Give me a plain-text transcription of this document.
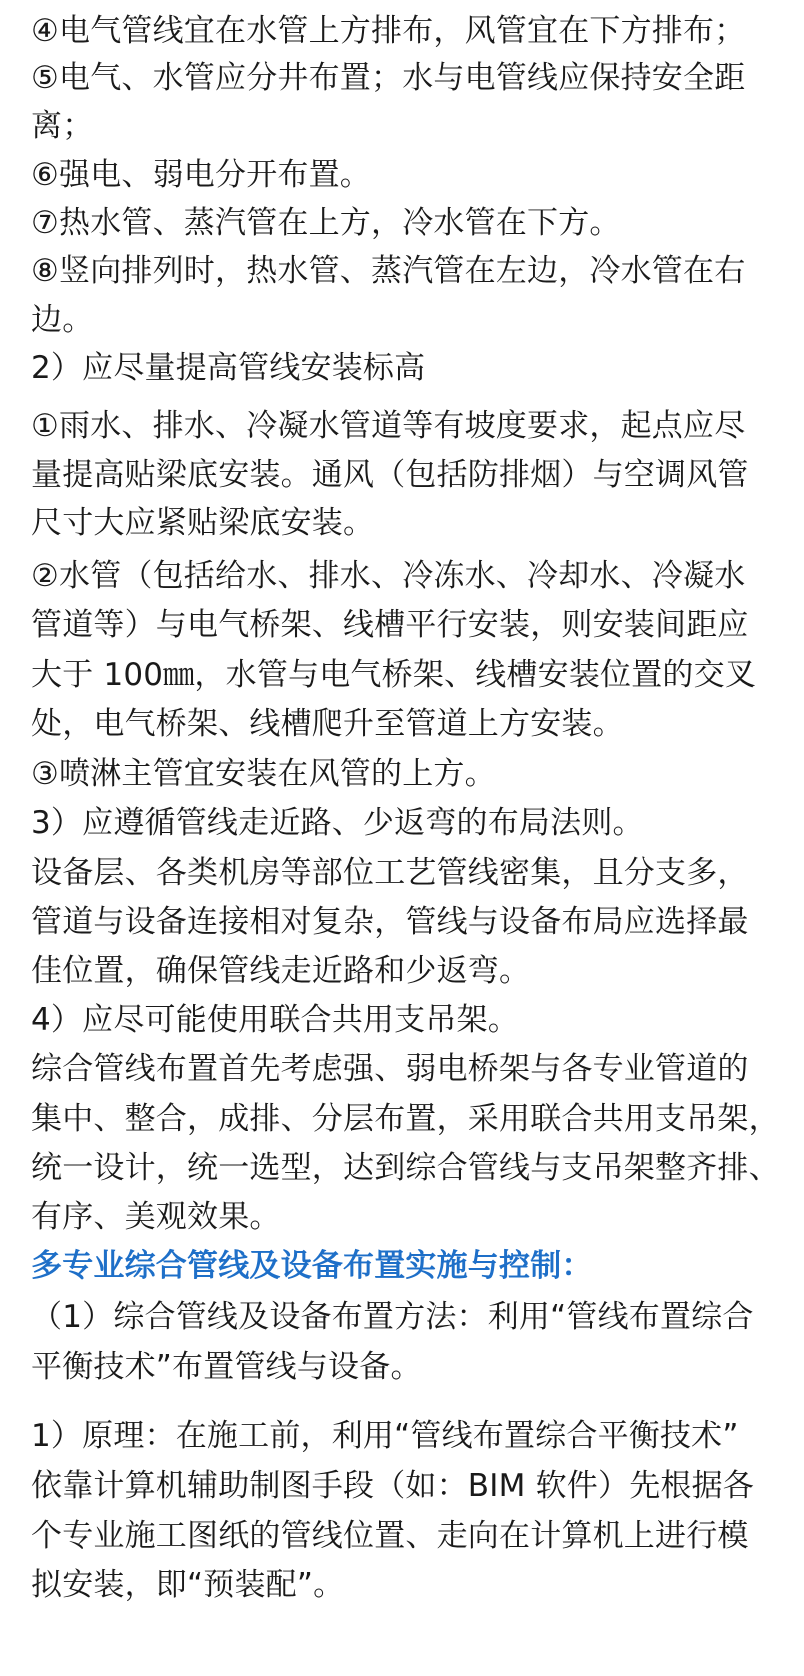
④电气管线宜在水管上方排布，风管宜在下方排布；
⑤电气、水管应分井布置；水与电管线应保持安全距
离；
⑥强电、弱电分开布置。
⑦热水管、蒸汽管在上方，冷水管在下方。
⑧竖向排列时，热水管、蒸汽管在左边，冷水管在右
边。
2）应尽量提高管线安装标高
①雨水、排水、冷凝水管道等有坡度要求，起点应尽
量提高贴梁底安装。通风（包括防排烟）与空调风管
尺寸大应紧贴梁底安装。
②水管（包括给水、排水、冷冻水、冷却水、冷凝水
管道等）与电气桥架、线槽平行安装，则安装间距应
大于 100㎜，水管与电气桥架、线槽安装位置的交叉
处，电气桥架、线槽爬升至管道上方安装。
③喷淋主管宜安装在风管的上方。
3）应遵循管线走近路、少返弯的布局法则。
设备层、各类机房等部位工艺管线密集，且分支多，
管道与设备连接相对复杂，管线与设备布局应选择最
佳位置，确保管线走近路和少返弯。
4）应尽可能使用联合共用支吊架。
综合管线布置首先考虑强、弱电桥架与各专业管道的
集中、整合，成排、分层布置，采用联合共用支吊架，
统一设计，统一选型，达到综合管线与支吊架整齐排、
有序、美观效果。
多专业综合管线及设备布置实施与控制：
（1）综合管线及设备布置方法：利用“管线布置综合
平衡技术”布置管线与设备。
1）原理：在施工前，利用“管线布置综合平衡技术”
依靠计算机辅助制图手段（如：BIM 软件）先根据各
个专业施工图纸的管线位置、走向在计算机上进行模
拟安装，即“预装配”。
